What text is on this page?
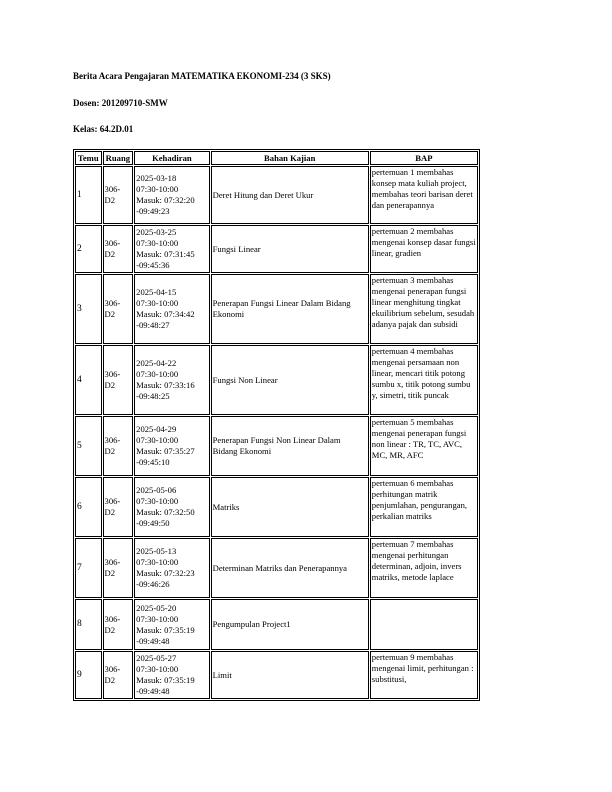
Berita Acara Pengajaran MATEMATIKA EKONOMI-234 (3 SKS)
Dosen: 201209710-SMW
Kelas: 64.2D.01
Temu	Ruang	Kehadiran	Bahan Kajian	BAP
1	306-
D2	2025-03-18
07:30-10:00
Masuk: 07:32:20
-09:49:23	Deret Hitung dan Deret Ukur	pertemuan 1 membahas konsep mata kuliah project, membahas teori barisan deret dan penerapannya
2	306-
D2	2025-03-25
07:30-10:00
Masuk: 07:31:45
-09:45:36	Fungsi Linear	pertemuan 2 membahas mengenai konsep dasar fungsi linear, gradien
3	306-
D2	2025-04-15
07:30-10:00
Masuk: 07:34:42
-09:48:27	Penerapan Fungsi Linear Dalam Bidang Ekonomi	pertemuan 3 membahas mengenai penerapan fungsi linear menghitung tingkat ekuilibrium sebelum, sesudah adanya pajak dan subsidi
4	306-
D2	2025-04-22
07:30-10:00
Masuk: 07:33:16
-09:48:25	Fungsi Non Linear	pertemuan 4 membahas mengenai persamaan non linear, mencari titik potong sumbu x, titik potong sumbu y, simetri, titik puncak
5	306-
D2	2025-04-29
07:30-10:00
Masuk: 07:35:27
-09:45:10	Penerapan Fungsi Non Linear Dalam Bidang Ekonomi	pertemuan 5 membahas mengenai penerapan fungsi non linear : TR, TC, AVC, MC, MR, AFC
6	306-
D2	2025-05-06
07:30-10:00
Masuk: 07:32:50
-09:49:50	Matriks	pertemuan 6 membahas perhitungan matrik penjumlahan, pengurangan, perkalian matriks
7	306-
D2	2025-05-13
07:30-10:00
Masuk: 07:32:23
-09:46:26	Determinan Matriks dan Penerapannya	pertemuan 7 membahas mengenai perhitungan determinan, adjoin, invers matriks, metode laplace
8	306-
D2	2025-05-20
07:30-10:00
Masuk: 07:35:19
-09:49:48	Pengumpulan Project1	
9	306-
D2	2025-05-27
07:30-10:00
Masuk: 07:35:19
-09:49:48	Limit	pertemuan 9 membahas mengenai limit, perhitungan : substitusi,
